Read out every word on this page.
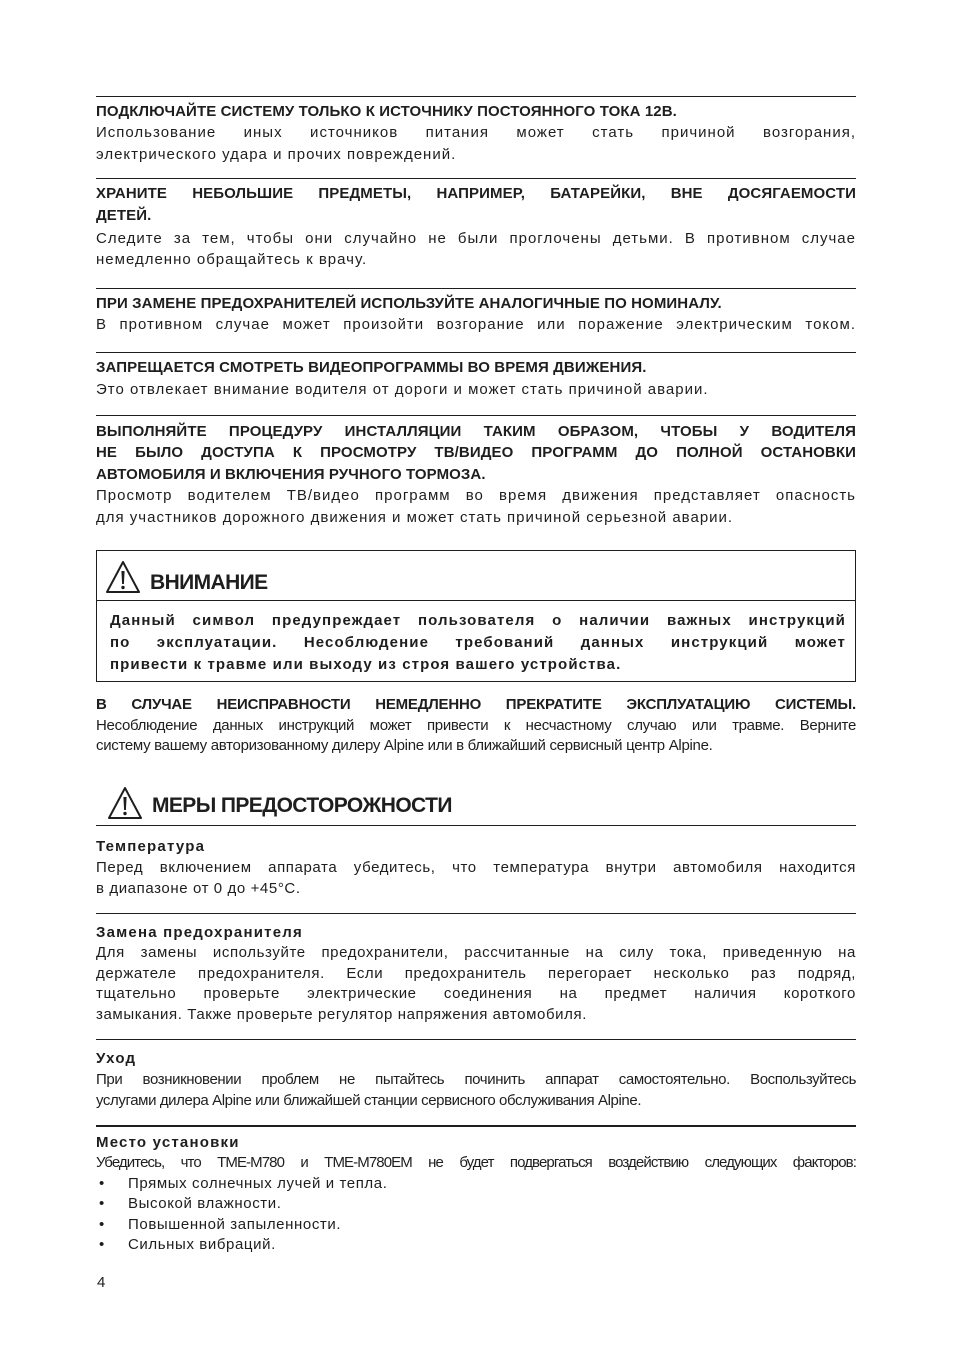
ПОДКЛЮЧАЙТЕ СИСТЕМУ ТОЛЬКО К ИСТОЧНИКУ ПОСТОЯННОГО ТОКА 12В.
Использование иных источников питания может стать причиной возгорания,
электрического удара и прочих повреждений.
ХРАНИТЕ НЕБОЛЬШИЕ ПРЕДМЕТЫ, НАПРИМЕР, БАТАРЕЙКИ, ВНЕ ДОСЯГАЕМОСТИ
ДЕТЕЙ.
Следите за тем, чтобы они случайно не были проглочены детьми. В противном случае
немедленно обращайтесь к врачу.
ПРИ ЗАМЕНЕ ПРЕДОХРАНИТЕЛЕЙ ИСПОЛЬЗУЙТЕ АНАЛОГИЧНЫЕ ПО НОМИНАЛУ.
В противном случае может произойти возгорание или поражение электрическим током.
ЗАПРЕЩАЕТСЯ СМОТРЕТЬ ВИДЕОПРОГРАММЫ ВО ВРЕМЯ ДВИЖЕНИЯ.
Это отвлекает внимание водителя от дороги и может стать причиной аварии.
ВЫПОЛНЯЙТЕ ПРОЦЕДУРУ ИНСТАЛЛЯЦИИ ТАКИМ ОБРАЗОМ, ЧТОБЫ У ВОДИТЕЛЯ
НЕ БЫЛО ДОСТУПА К ПРОСМОТРУ ТВ/ВИДЕО ПРОГРАММ ДО ПОЛНОЙ ОСТАНОВКИ
АВТОМОБИЛЯ И ВКЛЮЧЕНИЯ РУЧНОГО ТОРМОЗА.
Просмотр водителем ТВ/видео программ во время движения представляет опасность
для участников дорожного движения и может стать причиной серьезной аварии.
ВНИМАНИЕ
Данный символ предупреждает пользователя о наличии важных инструкций
по эксплуатации. Несоблюдение требований данных инструкций может
привести к травме или выходу из строя вашего устройства.
В СЛУЧАЕ НЕИСПРАВНОСТИ НЕМЕДЛЕННО ПРЕКРАТИТЕ ЭКСПЛУАТАЦИЮ СИСТЕМЫ.
Несоблюдение данных инструкций может привести к несчастному случаю или травме. Верните
систему вашему авторизованному дилеру Alpine или в ближайший сервисный центр Alpine.
МЕРЫ ПРЕДОСТОРОЖНОСТИ
Температура
Перед включением аппарата убедитесь, что температура внутри автомобиля находится
в диапазоне от 0 до +45°C.
Замена предохранителя
Для замены используйте предохранители, рассчитанные на силу тока, приведенную на
держателе предохранителя. Если предохранитель перегорает несколько раз подряд,
тщательно проверьте электрические соединения на предмет наличия короткого
замыкания. Также проверьте регулятор напряжения автомобиля.
Уход
При возникновении проблем не пытайтесь починить аппарат самостоятельно. Воспользуйтесь
услугами дилера Alpine или ближайшей станции сервисного обслуживания Alpine.
Место установки
Убедитесь, что TME-M780 и TME-M780EM не будет подвергаться воздействию следующих факторов:
• Прямых солнечных лучей и тепла.
• Высокой влажности.
• Повышенной запыленности.
• Сильных вибраций.
4
